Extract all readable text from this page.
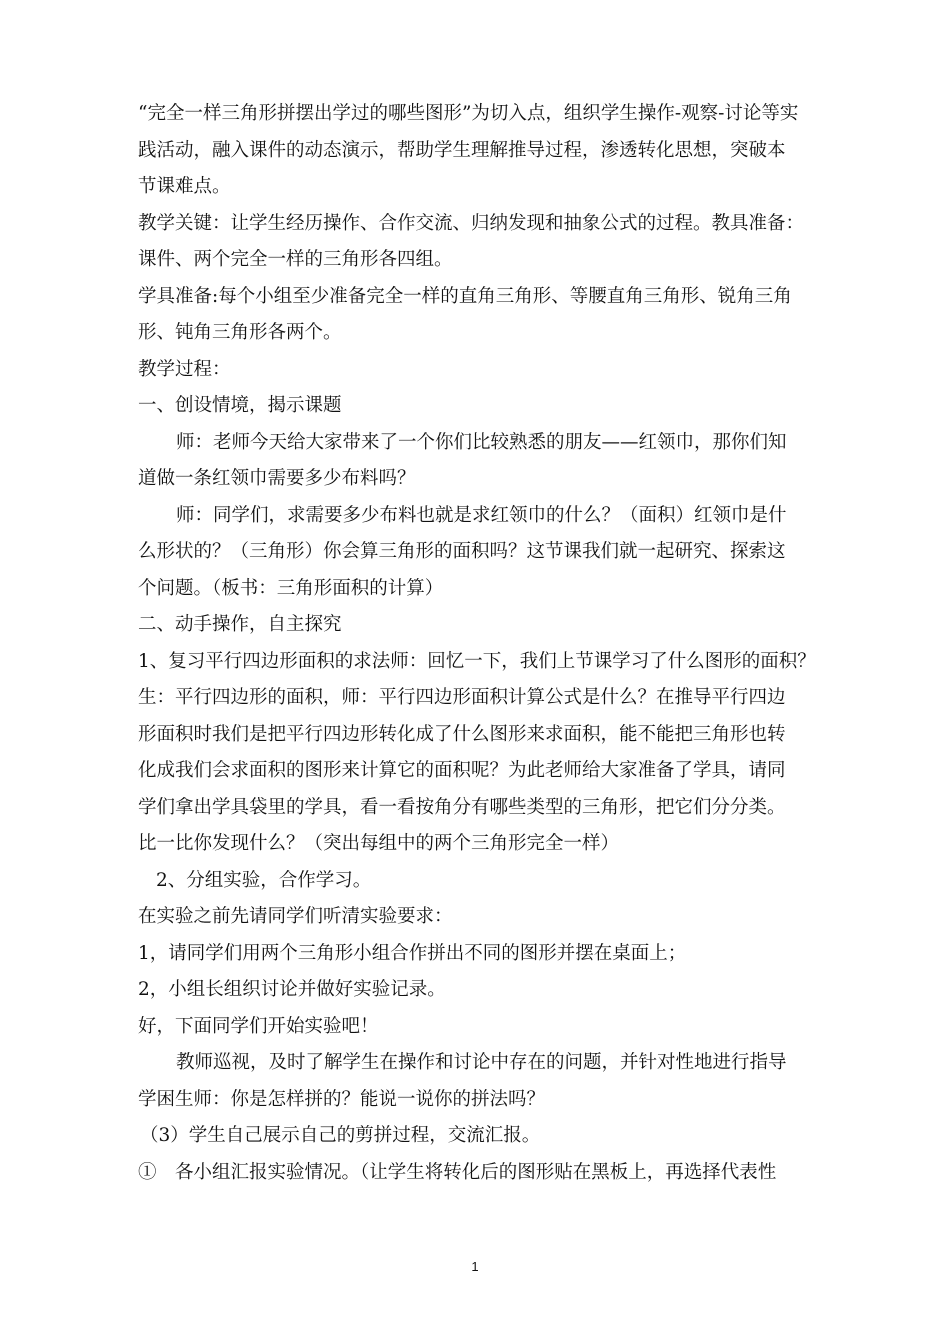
“完全一样三角形拼摆出学过的哪些图形”为切入点，组织学生操作-观察-讨论等实
践活动，融入课件的动态演示，帮助学生理解推导过程，渗透转化思想，突破本
节课难点。
教学关键：让学生经历操作、合作交流、归纳发现和抽象公式的过程。教具准备：
课件、两个完全一样的三角形各四组。
学具准备:每个小组至少准备完全一样的直角三角形、等腰直角三角形、锐角三角
形、钝角三角形各两个。
教学过程：
一、创设情境，揭示课题
师：老师今天给大家带来了一个你们比较熟悉的朋友——红领巾，那你们知
道做一条红领巾需要多少布料吗？
师：同学们，求需要多少布料也就是求红领巾的什么？（面积）红领巾是什
么形状的？（三角形）你会算三角形的面积吗？这节课我们就一起研究、探索这
个问题。（板书：三角形面积的计算）
二、动手操作，自主探究
1、复习平行四边形面积的求法师：回忆一下，我们上节课学习了什么图形的面积？
生：平行四边形的面积，师：平行四边形面积计算公式是什么？在推导平行四边
形面积时我们是把平行四边形转化成了什么图形来求面积，能不能把三角形也转
化成我们会求面积的图形来计算它的面积呢？为此老师给大家准备了学具，请同
学们拿出学具袋里的学具，看一看按角分有哪些类型的三角形，把它们分分类。
比一比你发现什么？（突出每组中的两个三角形完全一样）
2、分组实验，合作学习。
在实验之前先请同学们听清实验要求：
1，请同学们用两个三角形小组合作拼出不同的图形并摆在桌面上；
2，小组长组织讨论并做好实验记录。
好，下面同学们开始实验吧！
教师巡视，及时了解学生在操作和讨论中存在的问题，并针对性地进行指导
学困生师：你是怎样拼的？能说一说你的拼法吗？
（3）学生自己展示自己的剪拼过程，交流汇报。
①　各小组汇报实验情况。（让学生将转化后的图形贴在黑板上，再选择代表性
1
